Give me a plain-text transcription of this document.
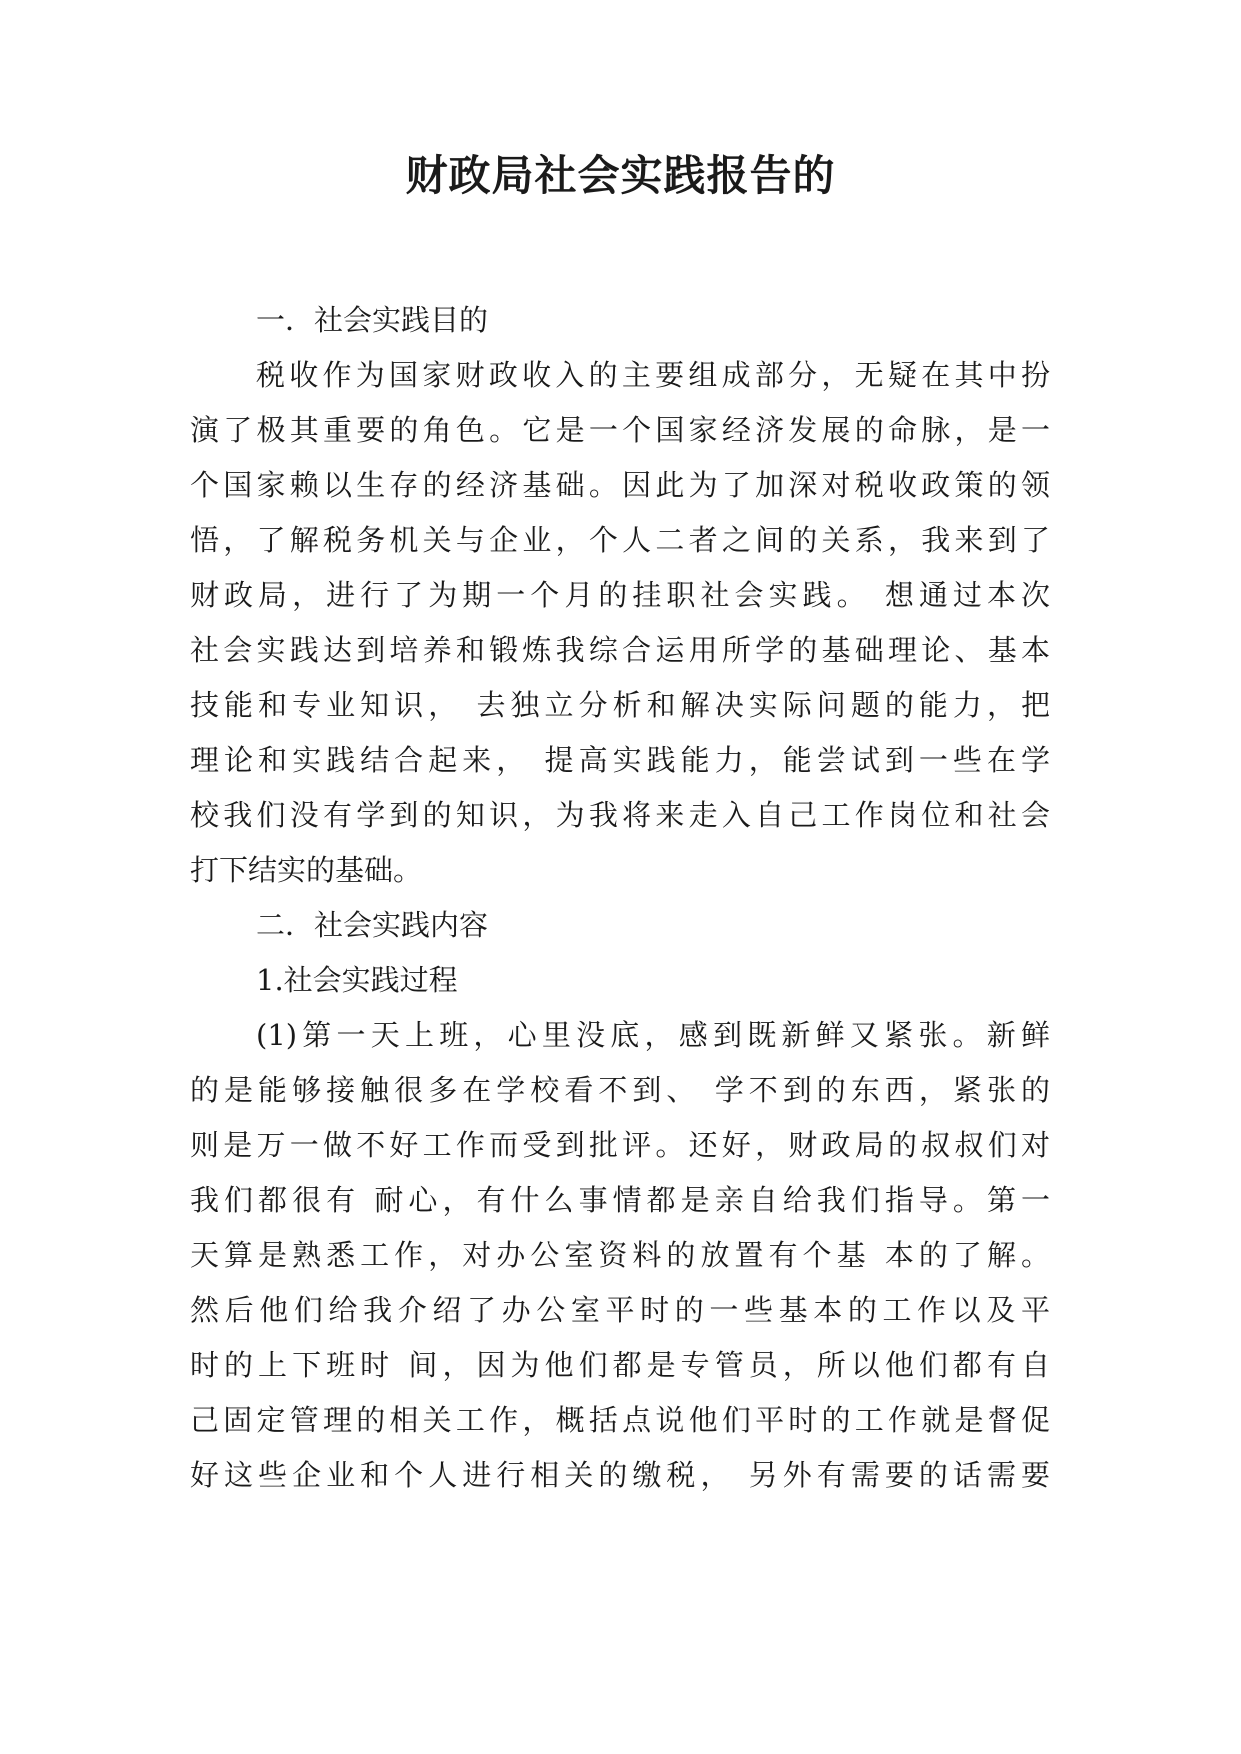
财政局社会实践报告的

一．社会实践目的

税收作为国家财政收入的主要组成部分，无疑在其中扮

演了极其重要的角色。它是一个国家经济发展的命脉，是一

个国家赖以生存的经济基础。因此为了加深对税收政策的领

悟，了解税务机关与企业，个人二者之间的关系，我来到了

财政局，进行了为期一个月的挂职社会实践。 想通过本次

社会实践达到培养和锻炼我综合运用所学的基础理论、基本

技能和专业知识， 去独立分析和解决实际问题的能力，把

理论和实践结合起来， 提高实践能力，能尝试到一些在学

校我们没有学到的知识，为我将来走入自己工作岗位和社会

打下结实的基础。

二．社会实践内容

1.社会实践过程

(1)第一天上班，心里没底，感到既新鲜又紧张。新鲜

的是能够接触很多在学校看不到、 学不到的东西，紧张的

则是万一做不好工作而受到批评。还好，财政局的叔叔们对

我们都很有 耐心，有什么事情都是亲自给我们指导。第一

天算是熟悉工作，对办公室资料的放置有个基 本的了解。

然后他们给我介绍了办公室平时的一些基本的工作以及平

时的上下班时 间，因为他们都是专管员，所以他们都有自

己固定管理的相关工作，概括点说他们平时的工作就是督促

好这些企业和个人进行相关的缴税， 另外有需要的话需要
